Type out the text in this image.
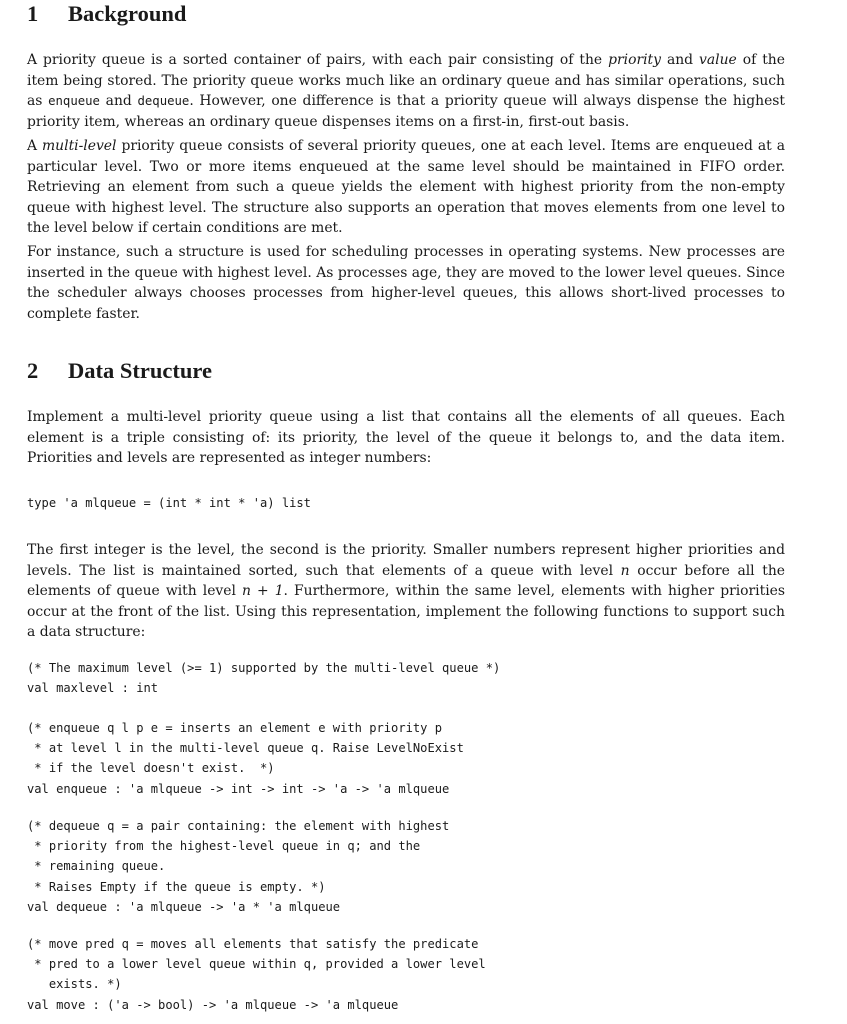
1 Background

A priority queue is a sorted container of pairs, with each pair consisting of the priority and value of the item being stored. The priority queue works much like an ordinary queue and has similar operations, such as enqueue and dequeue. However, one difference is that a priority queue will always dispense the highest priority item, whereas an ordinary queue dispenses items on a first-in, first-out basis.

A multi-level priority queue consists of several priority queues, one at each level. Items are enqueued at a particular level. Two or more items enqueued at the same level should be maintained in FIFO order. Retrieving an element from such a queue yields the element with highest priority from the non-empty queue with highest level. The structure also supports an operation that moves elements from one level to the level below if certain conditions are met.

For instance, such a structure is used for scheduling processes in operating systems. New processes are inserted in the queue with highest level. As processes age, they are moved to the lower level queues. Since the scheduler always chooses processes from higher-level queues, this allows short-lived processes to complete faster.

2 Data Structure

Implement a multi-level priority queue using a list that contains all the elements of all queues. Each element is a triple consisting of: its priority, the level of the queue it belongs to, and the data item. Priorities and levels are represented as integer numbers:

type 'a mlqueue = (int * int * 'a) list

The first integer is the level, the second is the priority. Smaller numbers represent higher priorities and levels. The list is maintained sorted, such that elements of a queue with level n occur before all the elements of queue with level n + 1. Furthermore, within the same level, elements with higher priorities occur at the front of the list. Using this representation, implement the following functions to support such a data structure:

(* The maximum level (>= 1) supported by the multi-level queue *)
val maxlevel : int
(* enqueue q l p e = inserts an element e with priority p
* at level l in the multi-level queue q. Raise LevelNoExist
* if the level doesn't exist.  *)
val enqueue : 'a mlqueue -> int -> int -> 'a -> 'a mlqueue
(* dequeue q = a pair containing: the element with highest
* priority from the highest-level queue in q; and the
* remaining queue.
* Raises Empty if the queue is empty. *)
val dequeue : 'a mlqueue -> 'a * 'a mlqueue
(* move pred q = moves all elements that satisfy the predicate
* pred to a lower level queue within q, provided a lower level
exists. *)
val move : ('a -> bool) -> 'a mlqueue -> 'a mlqueue
